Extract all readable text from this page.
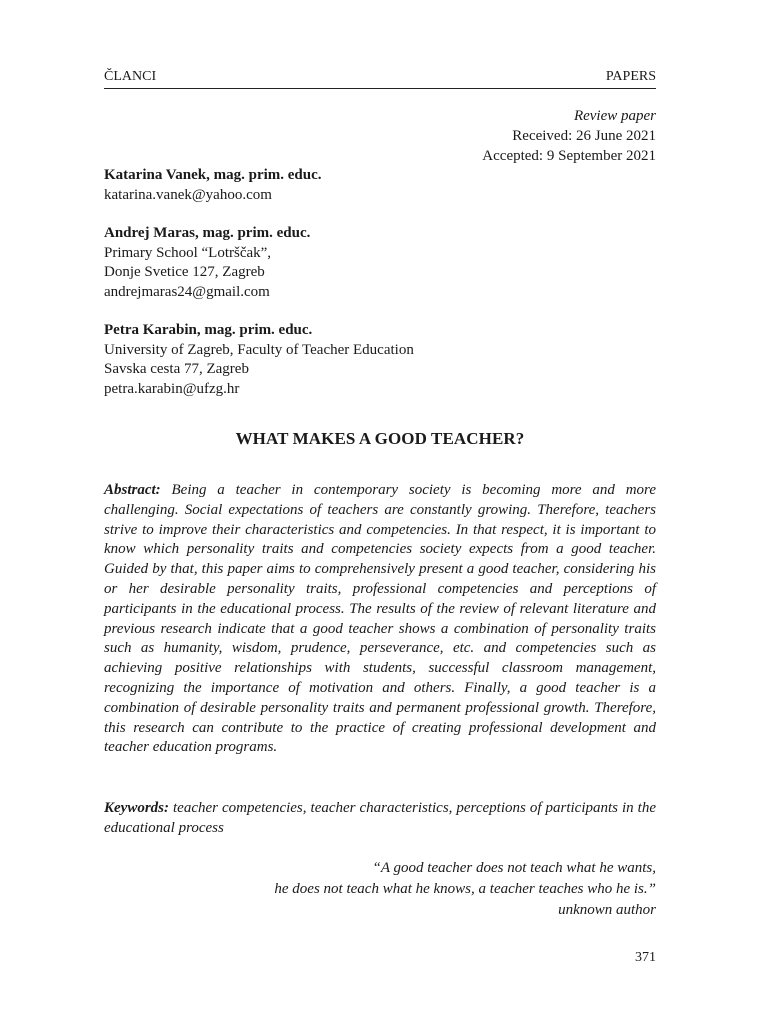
ČLANCI	PAPERS
Review paper
Received: 26 June 2021
Accepted: 9 September 2021
Katarina Vanek, mag. prim. educ.
katarina.vanek@yahoo.com
Andrej Maras, mag. prim. educ.
Primary School “Lotrščak”,
Donje Svetice 127, Zagreb
andrejmaras24@gmail.com
Petra Karabin, mag. prim. educ.
University of Zagreb, Faculty of Teacher Education
Savska cesta 77, Zagreb
petra.karabin@ufzg.hr
WHAT MAKES A GOOD TEACHER?

Abstract: Being a teacher in contemporary society is becoming more and more challenging. Social expectations of teachers are constantly growing. Therefore, teachers strive to improve their characteristics and competencies. In that respect, it is important to know which personality traits and competencies society expects from a good teacher. Guided by that, this paper aims to comprehensively present a good teacher, considering his or her desirable personality traits, professional competencies and perceptions of participants in the educational process. The results of the review of relevant literature and previous research indicate that a good teacher shows a combination of personality traits such as humanity, wisdom, prudence, perseverance, etc. and competencies such as achieving positive relationships with students, successful classroom management, recognizing the importance of motivation and others. Finally, a good teacher is a combination of desirable personality traits and permanent professional growth. Therefore, this research can contribute to the practice of creating professional development and teacher education programs.

Keywords: teacher competencies, teacher characteristics, perceptions of participants in the educational process

“A good teacher does not teach what he wants,
he does not teach what he knows, a teacher teaches who he is.”
unknown author
371
